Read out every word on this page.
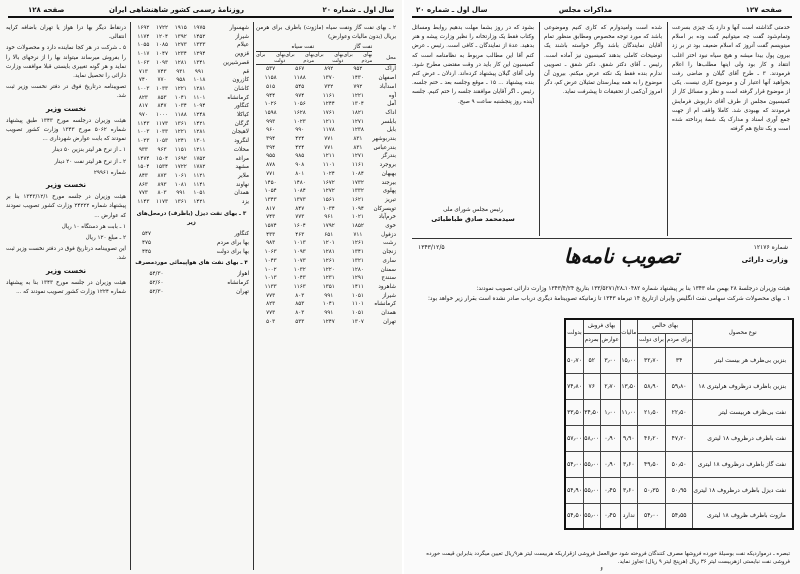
سال اول ـ شماره ۲۰
روزنامهٔ رسمی کشور شاهنشاهی ایران
صفحه ۱۲۸

۲ ـ بهای نفت گاز ونفت سیاه (مازوت) باظرف برای هرمن بریال (بدون مالیات وعوارض)

	نفت گاز		نفت سیاه	
محل	بهای برای مردم	بهای برای دولت	بهای برای مردم	بهای برای دولت
اراک	۹۵۲	۸۹۲	۵۶۷	۵۳۷
اصفهان	۱۴۳۰	۱۳۷۰	۱۱۸۸	۱۱۵۸
اسدآباد	۷۹۲	۷۳۲	۵۴۵	۵۱۵
آوه	۱۲۲۱	۱۱۶۱	۹۷۴	۹۴۴
آمل	۱۳۰۴	۱۲۴۴	۱۰۵۶	۱۰۲۶
اداک	۱۸۲۱	۱۷۶۱	۱۶۲۸	۱۵۹۸
بابلسر	۱۲۷۱	۱۲۱۱	۱۰۲۳	۹۹۳
بابل	۱۲۳۸	۱۱۷۸	۹۹۰	۹۶۰
بندربوشهر	۸۳۱	۷۷۱	۴۲۴	۳۹۴
بندرعباس	۸۳۱	۷۷۱	۴۲۴	۳۹۴
بندرگز	۱۲۷۱	۱۲۱۱	۹۸۵	۹۵۵
بروجرد	۱۱۶۱	۱۱۰۱	۹۰۸	۸۷۸
بهبهان	۱۰۸۴	۱۰۲۴	۸۰۱	۷۷۱
بیرجند	۱۷۳۲	۱۶۷۲	۱۴۸۰	۱۴۵۰
پهلوی	۱۳۳۲	۱۲۷۲	۱۰۸۴	۱۰۵۴
تبریز	۱۶۲۱	۱۵۶۱	۱۳۷۳	۱۳۴۳
تویسرکان	۱۰۹۴	۱۰۳۴	۸۴۷	۸۱۷
خرم‌آباد	۱۰۲۱	۹۶۱	۷۷۳	۷۴۳
خوی	۱۸۵۲	۱۷۹۲	۱۶۰۴	۱۵۷۴
دزفول	۷۱۱	۶۵۱	۴۶۳	۴۳۳
رشت	۱۲۶۱	۱۲۰۱	۱۰۱۳	۹۸۳
زنجان	۱۳۴۱	۱۲۸۱	۱۰۹۳	۱۰۶۳
ساری	۱۳۲۱	۱۲۶۱	۱۰۷۳	۱۰۴۳
سمنان	۱۲۸۰	۱۲۲۰	۱۰۳۲	۱۰۰۲
سنندج	۱۲۹۱	۱۲۳۱	۱۰۴۳	۱۰۱۳
شاهرود	۱۴۱۱	۱۳۵۱	۱۱۶۳	۱۱۳۳
شیراز	۱۰۵۱	۹۹۱	۸۰۳	۷۷۳
کرمانشاه	۱۱۰۱	۱۰۴۱	۸۵۳	۸۲۳
همدان	۱۰۵۱	۹۹۱	۸۰۳	۷۷۳
تهران	۱۳۰۷	۱۲۴۷	۵۳۳	۵۰۳
شهسوار	۱۹۷۵	۱۹۱۵	۱۷۲۲	۱۶۹۲
شیراز	۱۴۵۲	۱۳۹۲	۱۲۰۴	۱۱۷۴
عیلام	۱۳۳۳	۱۲۷۳	۱۰۸۵	۱۰۵۵
قزوین	۱۲۹۴	۱۲۳۴	۱۰۴۷	۱۰۱۷
قصرشیرین	۱۳۴۱	۱۲۸۱	۱۰۹۳	۱۰۶۳
قم	۹۹۱	۹۳۱	۷۴۳	۷۱۳
کازرون	۱۰۱۸	۹۵۸	۷۷۰	۷۴۰
کاشان	۱۲۸۱	۱۲۲۱	۱۰۳۳	۱۰۰۳
کرمانشاه	۱۱۰۱	۱۰۴۱	۸۵۳	۸۲۳
کنگاور	۱۰۹۴	۱۰۳۴	۸۴۷	۸۱۷
کیاکلا	۱۲۴۸	۱۱۸۸	۱۰۰۰	۹۷۰
گرگان	۱۴۲۱	۱۳۶۱	۱۱۷۳	۱۱۴۳
لاهیجان	۱۲۸۱	۱۲۲۱	۱۰۳۳	۱۰۰۳
لنگرود	۱۳۰۱	۱۲۴۱	۱۰۵۳	۱۰۲۳
محلات	۱۲۱۱	۱۱۵۱	۹۶۳	۹۳۳
مراغه	۱۷۵۲	۱۶۹۲	۱۵۰۴	۱۴۷۴
مشهد	۱۷۸۲	۱۷۲۲	۱۵۳۴	۱۵۰۴
ملایر	۱۱۲۱	۱۰۶۱	۸۷۳	۸۴۳
نهاوند	۱۱۴۱	۱۰۸۱	۸۹۳	۸۶۳
همدان	۱۰۵۱	۹۹۱	۸۰۳	۷۷۳
یزد	۱۴۲۱	۱۳۶۱	۱۱۷۳	۱۱۴۳

۳ ـ بهای نفت دیزل (باظرف) درمحل‌های زیر

کنگاور	۵۴۷
بها برای مردم	۴۷۵
بها برای دولت	۴۴۵

۴ ـ بهای نفت های هواپیمائی موردمصرف

اهواز	۵۴/۳۰
کرمانشاه	۵۲/۶۰
تهران	۵۲/۳۰

درنقاط دیگر بها درا هواز یا تهران باضافه کرایه انتقالی.

۵ ـ شرکت در هر کجا نماینده دارد و محصولات خود را بفروش میرساند میتواند بها را از نرخهای بالا را نماید و هر گونه تغییری بایستی قبلا موافقت وزارت دارائی را تحصیل نماید.

تصویبنامه درتاریخ فوق در دفتر نخست وزیر ثبت شد.

نخست وزیر

هیئت وزیران درجلسه مورخ ۱۳۴۳ طبق پیشنهاد شماره ۵۰۶۲ مورخ ۱۳۴۳ وزارت کشور تصویب نمودند که بابت عوارض شهرداری ...

۱ ـ از نرخ هر لیتر بنزین ۵۰ دینار

۲ ـ از نرخ هر لیتر نفت ۲۰ دینار

شماره ۲۹۹۶۱

نخست وزیر

هیئت وزیران در جلسه مورخ ۱۳۴۳/۱۲/۱ بنا بر پیشنهاد شماره ۲۴۲۲۲ وزارت کشور تصویب نمودند که عوارض ...

۱ ـ بابت هر دستگاه ۱۰ ریال

۲ ـ مبلغ ۱۲۰ ریال

این تصویبنامه درتاریخ فوق در دفتر نخست وزیر ثبت شد.

نخست وزیر

هیئت وزیران در جلسه مورخ ۱۳۴۳ بنا به پیشنهاد شماره ۱۲۲۴ وزارت کشور تصویب نمودند که ...

صفحه ۱۲۷
مذاکرات مجلس
سال اول ـ شماره ۲۰

خدمتی گذاشته است آنها و دارد یک چیزی بسرعت وتمام‌شود گفت چه میتوانیم گفت وده بر اسلام مینویسم گفت آنروز که اسلام ضعیف بود تر بر زد بیرون پول بیدا میشه و هیچ سیاه نبود اختر اغلب انتقاد و کار بود ولی اینها مطلب‌ها را اعلام فرمودند. ۳ ـ طرح آقای گیلان و ضاضی رفت بخواهید آنها اعتبار آن و موضوع کاری نیست. یکی از موضوع قرار گرفته است و نظر و مسائل کار از کمیسیون مجلس از طرف آقای داریوش فرمایش فرمودند که بهبودی شد. کاملا واقف ام از جهت جمع آوری اسناد و مدارک یک شمهٔ پرداخته شده است و یک نتایج هم گرفته

شده است وامیدوارم که کاری کنیم وموضوعی باشد که مورد توجه مخصوص ومطابق منظور تمام آقایان نمایندگان باشد واگر خواسته باشند یک توضیحات کاملی بدهند کمیسیون نیز آماده است. رئیس ـ آقای دکتر شفق. دکتر شفق ـ تصویبی ندارم بنده فقط یک نکته عرض میکنم. بیرون آن موضوع را به همه بیمارستان تمثیلان عرض کم، دگر امروز آن‌کمی از تحقیقات تا پیشرفت نماید.

بشود که در روز بشما مهلت بدهیم روابط ومسائل وکتاب فقط یک وزارتخانه را نظیر وزارت پیشه و هنر بدهید. عدهٔ از نمایندگان ـ کافی است. رئیس ـ عرض کنم آقا این مطالب مربوط به نظامنامه است که کمیسیون این کار باید در وقت مقتضی مطرح شود. ولی آقای گیلان پیشنهاد کرده‌اند. اردلان ـ عرض کنم بنده پیشنهاد ... ۱۵ ـ موقع وجلسه بعد ـ ختم جلسه. رئیس ـ اگر آقایان موافقند جلسه را ختم کنیم. جلسه آینده روز پنجشنبه ساعت ۹ صبح.

رئیس مجلس شورای ملی
سیدمحمد صادق طباطبائی
شماره ۱۲۱۷۶
وزارت دارائی
تصویب نامه‌ها
۱۳۴۳/۱۲/۵
هیئت وزیران درجلسهٔ ۲۸ بهمن ماه ۱۳۴۳ بنا بر پیشنهاد شماره ۱۰۴۸۲ـ۱۳۳/۵۲۷۱/۲۸ بتاریخ ۱۳۴۳/۴/۲۴ وزارت دارائی تصویب نمودند:
۱ ـ بهای محصولات شرکت سهامی نفت انگلیس وایران ازتاریخ ۱۴ تیرماه ۱۳۴۳ تا زمانیکه تصویبنامهٔ دیگری درباب صادر نشده است بقرار زیر خواهد بود:
نوع محصول	بهای خالص		مالیات	بهای فروش		بدولت
	برای مردم	برای دولت		عوارض	بمردم	
بنزین بی‌ظرف هر بیست لیتر	۳۴	۳۲٫۷۰	۱۵٫۰۰	۳٫۰۰	۵۲	۵۰٫۷۰
بنزین باظرف درظروف هرلیتری ۱۸	۵۹٫۸۰	۵۸٫۹۰	۱۳٫۵۰	۲٫۷۰	۷۶	۷۴٫۸۰
نفت بی‌ظرف هربیست لیتر	۲۲٫۵۰	۲۱٫۵۰	۱۱٫۰۰	۱٫۰۰	۳۴٫۵۰	۳۳٫۵۰
نفت باظرف درظروف ۱۸ لیتری	۴۷٫۲۰	۴۶٫۲۰	۹٫۹۰	۰٫۹۰	۵۸٫۰۰	۵۷٫۰۰
نفت گاز باظرف درظروف ۱۸ لیتری	۵۰٫۵۰	۴۹٫۵۰	۳٫۶۰	۰٫۹۰	۵۵٫۰۰	۵۴٫۰۰
نفت دیزل باظرف درظروف ۱۸ لیتری	۵۰٫۹۵	۵۰٫۳۵	۳٫۶۰	۰٫۴۵	۵۵٫۰۰	۵۴٫۹۰
مازوت باظرف ظروف ۱۸ لیتری	۵۴٫۵۵	۵۴٫۰۰	ندارد	۰٫۴۵	۵۵٫۰۰	۵۴٫۵۰
تبصره ـ درمواردیکه نفت بوسیلهٔ خورده فروشها مصرف کنندگان فروخته شود حق‌العمل فروشی ازقراریکه هربیست لیتر هر۹ریال تعیین میگردد بنابراین قیمت خورده فروشی نفت نبایستی ازهربیست لیتر ۳۶ ریال (هرپنج لیتر ۹ ریال) تجاوز نماید.
۶
